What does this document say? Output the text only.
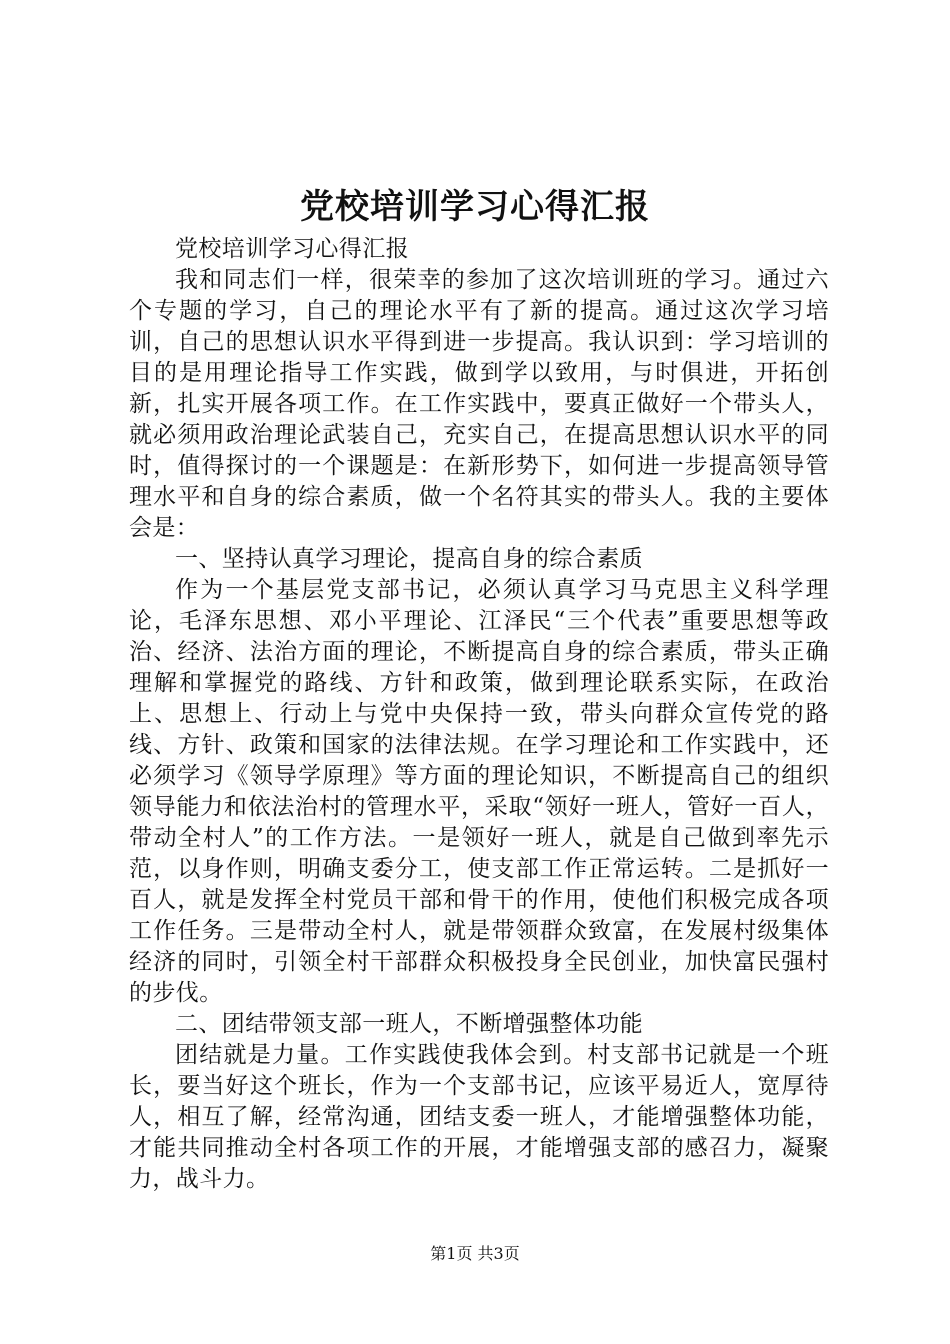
党校培训学习心得汇报

党校培训学习心得汇报

我和同志们一样，很荣幸的参加了这次培训班的学习。通过六个专题的学习，自己的理论水平有了新的提高。通过这次学习培训，自己的思想认识水平得到进一步提高。我认识到：学习培训的目的是用理论指导工作实践，做到学以致用，与时俱进，开拓创新，扎实开展各项工作。在工作实践中，要真正做好一个带头人，就必须用政治理论武装自己，充实自己，在提高思想认识水平的同时，值得探讨的一个课题是：在新形势下，如何进一步提高领导管理水平和自身的综合素质，做一个名符其实的带头人。我的主要体会是：

一、坚持认真学习理论，提高自身的综合素质

作为一个基层党支部书记，必须认真学习马克思主义科学理论，毛泽东思想、邓小平理论、江泽民“三个代表”重要思想等政治、经济、法治方面的理论，不断提高自身的综合素质，带头正确理解和掌握党的路线、方针和政策，做到理论联系实际，在政治上、思想上、行动上与党中央保持一致，带头向群众宣传党的路线、方针、政策和国家的法律法规。在学习理论和工作实践中，还必须学习《领导学原理》等方面的理论知识，不断提高自己的组织领导能力和依法治村的管理水平，采取“领好一班人，管好一百人，带动全村人”的工作方法。一是领好一班人，就是自己做到率先示范，以身作则，明确支委分工，使支部工作正常运转。二是抓好一百人，就是发挥全村党员干部和骨干的作用，使他们积极完成各项工作任务。三是带动全村人，就是带领群众致富，在发展村级集体经济的同时，引领全村干部群众积极投身全民创业，加快富民强村的步伐。

二、团结带领支部一班人，不断增强整体功能

团结就是力量。工作实践使我体会到。村支部书记就是一个班长，要当好这个班长，作为一个支部书记，应该平易近人，宽厚待人，相互了解，经常沟通，团结支委一班人，才能增强整体功能，才能共同推动全村各项工作的开展，才能增强支部的感召力，凝聚力，战斗力。

第1页 共3页
